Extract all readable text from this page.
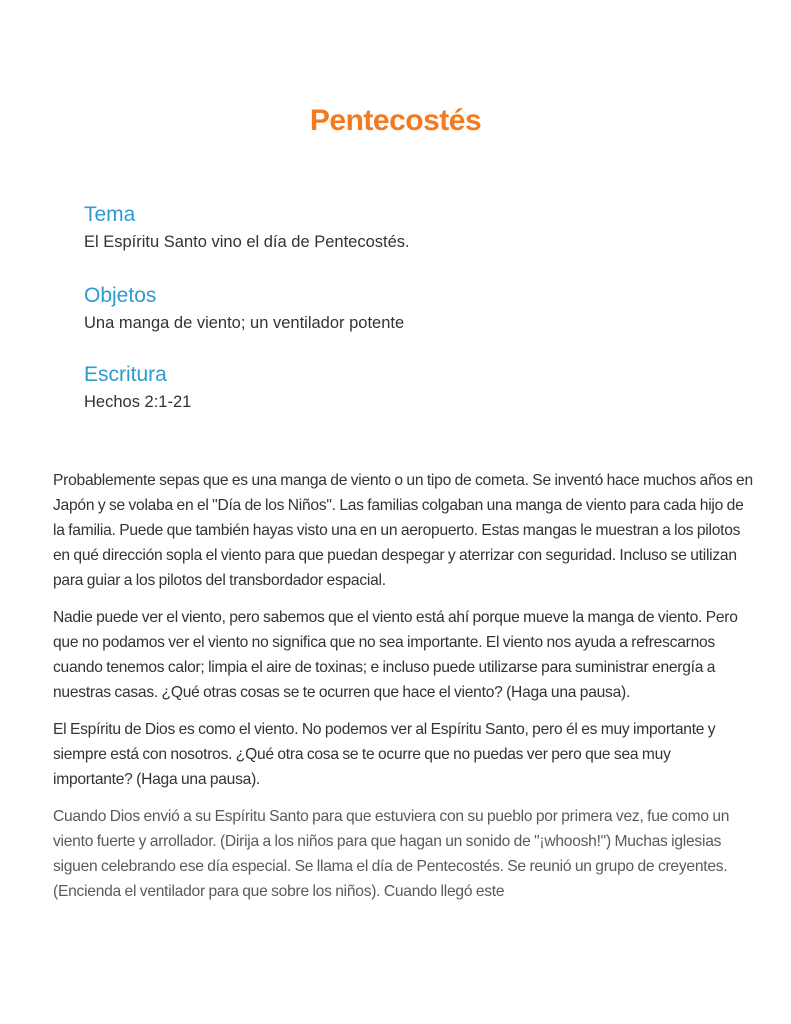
Pentecostés
Tema

El Espíritu Santo vino el día de Pentecostés.

Objetos

Una manga de viento; un ventilador potente

Escritura

Hechos 2:1-21

Probablemente sepas que es una manga de viento o un tipo de cometa. Se inventó hace muchos años en Japón y se volaba en el "Día de los Niños". Las familias colgaban una manga de viento para cada hijo de la familia. Puede que también hayas visto una en un aeropuerto. Estas mangas le muestran a los pilotos en qué dirección sopla el viento para que puedan despegar y aterrizar con seguridad. Incluso se utilizan para guiar a los pilotos del transbordador espacial.

Nadie puede ver el viento, pero sabemos que el viento está ahí porque mueve la manga de viento. Pero que no podamos ver el viento no significa que no sea importante. El viento nos ayuda a refrescarnos cuando tenemos calor; limpia el aire de toxinas; e incluso puede utilizarse para suministrar energía a nuestras casas. ¿Qué otras cosas se te ocurren que hace el viento? (Haga una pausa).

El Espíritu de Dios es como el viento. No podemos ver al Espíritu Santo, pero él es muy importante y siempre está con nosotros. ¿Qué otra cosa se te ocurre que no puedas ver pero que sea muy importante? (Haga una pausa).

Cuando Dios envió a su Espíritu Santo para que estuviera con su pueblo por primera vez, fue como un viento fuerte y arrollador. (Dirija a los niños para que hagan un sonido de "¡whoosh!") Muchas iglesias siguen celebrando ese día especial. Se llama el día de Pentecostés. Se reunió un grupo de creyentes. (Encienda el ventilador para que sobre los niños). Cuando llegó este
